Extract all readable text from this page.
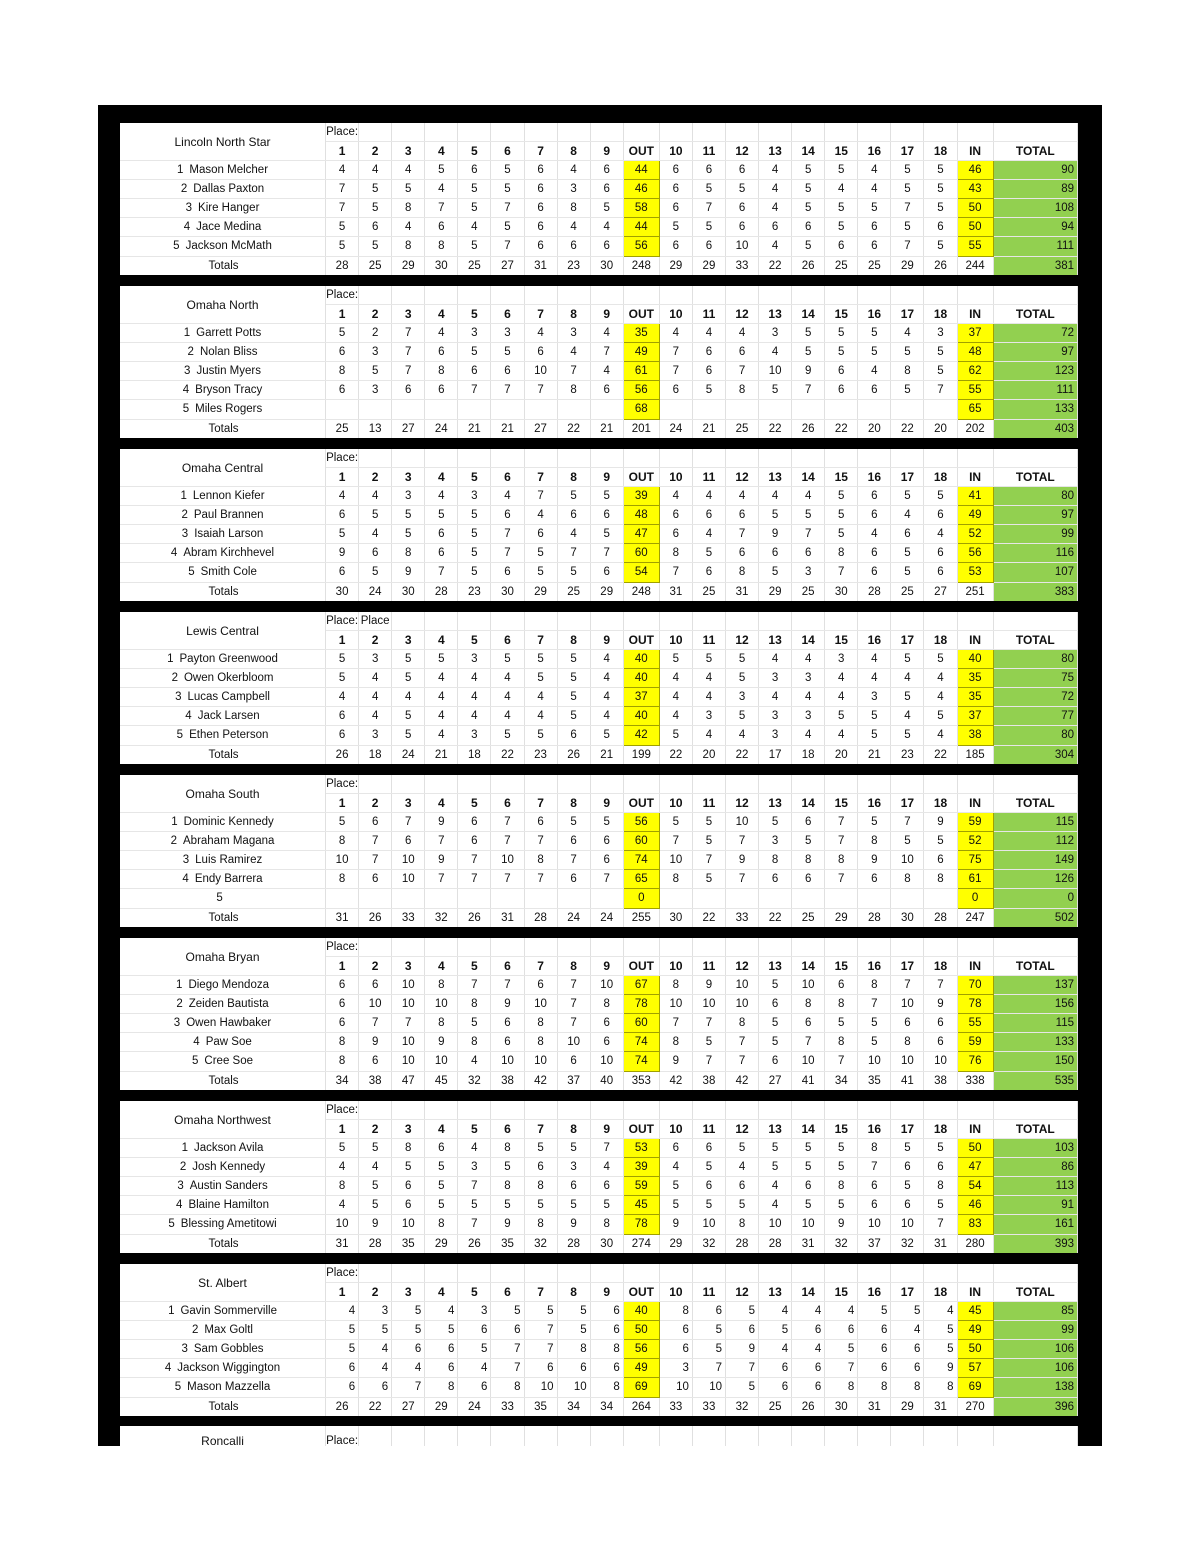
Lincoln North Star	Place:																				
	1	2	3	4	5	6	7	8	9	OUT	10	11	12	13	14	15	16	17	18	IN	TOTAL
1 Mason Melcher	4	4	4	5	6	5	6	4	6	44	6	6	6	4	5	5	4	5	5	46	90
2 Dallas Paxton	7	5	5	4	5	5	6	3	6	46	6	5	5	4	5	4	4	5	5	43	89
3 Kire Hanger	7	5	8	7	5	7	6	8	5	58	6	7	6	4	5	5	5	7	5	50	108
4 Jace Medina	5	6	4	6	4	5	6	4	4	44	5	5	6	6	6	5	6	5	6	50	94
5 Jackson McMath	5	5	8	8	5	7	6	6	6	56	6	6	10	4	5	6	6	7	5	55	111
Totals	28	25	29	30	25	27	31	23	30	248	29	29	33	22	26	25	25	29	26	244	381
Omaha North	Place:																				
	1	2	3	4	5	6	7	8	9	OUT	10	11	12	13	14	15	16	17	18	IN	TOTAL
1 Garrett Potts	5	2	7	4	3	3	4	3	4	35	4	4	4	3	5	5	5	4	3	37	72
2 Nolan Bliss	6	3	7	6	5	5	6	4	7	49	7	6	6	4	5	5	5	5	5	48	97
3 Justin Myers	8	5	7	8	6	6	10	7	4	61	7	6	7	10	9	6	4	8	5	62	123
4 Bryson Tracy	6	3	6	6	7	7	7	8	6	56	6	5	8	5	7	6	6	5	7	55	111
5 Miles Rogers										68										65	133
Totals	25	13	27	24	21	21	27	22	21	201	24	21	25	22	26	22	20	22	20	202	403
Omaha Central	Place:																				
	1	2	3	4	5	6	7	8	9	OUT	10	11	12	13	14	15	16	17	18	IN	TOTAL
1 Lennon Kiefer	4	4	3	4	3	4	7	5	5	39	4	4	4	4	4	5	6	5	5	41	80
2 Paul Brannen	6	5	5	5	5	6	4	6	6	48	6	6	6	5	5	5	6	4	6	49	97
3 Isaiah Larson	5	4	5	6	5	7	6	4	5	47	6	4	7	9	7	5	4	6	4	52	99
4 Abram Kirchhevel	9	6	8	6	5	7	5	7	7	60	8	5	6	6	6	8	6	5	6	56	116
5 Smith Cole	6	5	9	7	5	6	5	5	6	54	7	6	8	5	3	7	6	5	6	53	107
Totals	30	24	30	28	23	30	29	25	29	248	31	25	31	29	25	30	28	25	27	251	383
Lewis Central	Place:	Place																			
	1	2	3	4	5	6	7	8	9	OUT	10	11	12	13	14	15	16	17	18	IN	TOTAL
1 Payton Greenwood	5	3	5	5	3	5	5	5	4	40	5	5	5	4	4	3	4	5	5	40	80
2 Owen Okerbloom	5	4	5	4	4	4	5	5	4	40	4	4	5	3	3	4	4	4	4	35	75
3 Lucas Campbell	4	4	4	4	4	4	4	5	4	37	4	4	3	4	4	4	3	5	4	35	72
4 Jack Larsen	6	4	5	4	4	4	4	5	4	40	4	3	5	3	3	5	5	4	5	37	77
5 Ethen Peterson	6	3	5	4	3	5	5	6	5	42	5	4	4	3	4	4	5	5	4	38	80
Totals	26	18	24	21	18	22	23	26	21	199	22	20	22	17	18	20	21	23	22	185	304
Omaha South	Place:																				
	1	2	3	4	5	6	7	8	9	OUT	10	11	12	13	14	15	16	17	18	IN	TOTAL
1 Dominic Kennedy	5	6	7	9	6	7	6	5	5	56	5	5	10	5	6	7	5	7	9	59	115
2 Abraham Magana	8	7	6	7	6	7	7	6	6	60	7	5	7	3	5	7	8	5	5	52	112
3 Luis Ramirez	10	7	10	9	7	10	8	7	6	74	10	7	9	8	8	8	9	10	6	75	149
4 Endy Barrera	8	6	10	7	7	7	7	6	7	65	8	5	7	6	6	7	6	8	8	61	126
5										0										0	0
Totals	31	26	33	32	26	31	28	24	24	255	30	22	33	22	25	29	28	30	28	247	502
Omaha Bryan	Place:																				
	1	2	3	4	5	6	7	8	9	OUT	10	11	12	13	14	15	16	17	18	IN	TOTAL
1 Diego Mendoza	6	6	10	8	7	7	6	7	10	67	8	9	10	5	10	6	8	7	7	70	137
2 Zeiden Bautista	6	10	10	10	8	9	10	7	8	78	10	10	10	6	8	8	7	10	9	78	156
3 Owen Hawbaker	6	7	7	8	5	6	8	7	6	60	7	7	8	5	6	5	5	6	6	55	115
4 Paw Soe	8	9	10	9	8	6	8	10	6	74	8	5	7	5	7	8	5	8	6	59	133
5 Cree Soe	8	6	10	10	4	10	10	6	10	74	9	7	7	6	10	7	10	10	10	76	150
Totals	34	38	47	45	32	38	42	37	40	353	42	38	42	27	41	34	35	41	38	338	535
Omaha Northwest	Place:																				
	1	2	3	4	5	6	7	8	9	OUT	10	11	12	13	14	15	16	17	18	IN	TOTAL
1 Jackson Avila	5	5	8	6	4	8	5	5	7	53	6	6	5	5	5	5	8	5	5	50	103
2 Josh Kennedy	4	4	5	5	3	5	6	3	4	39	4	5	4	5	5	5	7	6	6	47	86
3 Austin Sanders	8	5	6	5	7	8	8	6	6	59	5	6	6	4	6	8	6	5	8	54	113
4 Blaine Hamilton	4	5	6	5	5	5	5	5	5	45	5	5	5	4	5	5	6	6	5	46	91
5 Blessing Ametitowi	10	9	10	8	7	9	8	9	8	78	9	10	8	10	10	9	10	10	7	83	161
Totals	31	28	35	29	26	35	32	28	30	274	29	32	28	28	31	32	37	32	31	280	393
St. Albert	Place:																				
	1	2	3	4	5	6	7	8	9	OUT	10	11	12	13	14	15	16	17	18	IN	TOTAL
1 Gavin Sommerville	4	3	5	4	3	5	5	5	6	40	8	6	5	4	4	4	5	5	4	45	85
2 Max Goltl	5	5	5	5	6	6	7	5	6	50	6	5	6	5	6	6	6	4	5	49	99
3 Sam Gobbles	5	4	6	6	5	7	7	8	8	56	6	5	9	4	4	5	6	6	5	50	106
4 Jackson Wiggington	6	4	4	6	4	7	6	6	6	49	3	7	7	6	6	7	6	6	9	57	106
5 Mason Mazzella	6	6	7	8	6	8	10	10	8	69	10	10	5	6	6	8	8	8	8	69	138
Totals	26	22	27	29	24	33	35	34	34	264	33	33	32	25	26	30	31	29	31	270	396
Roncalli	Place:																				
